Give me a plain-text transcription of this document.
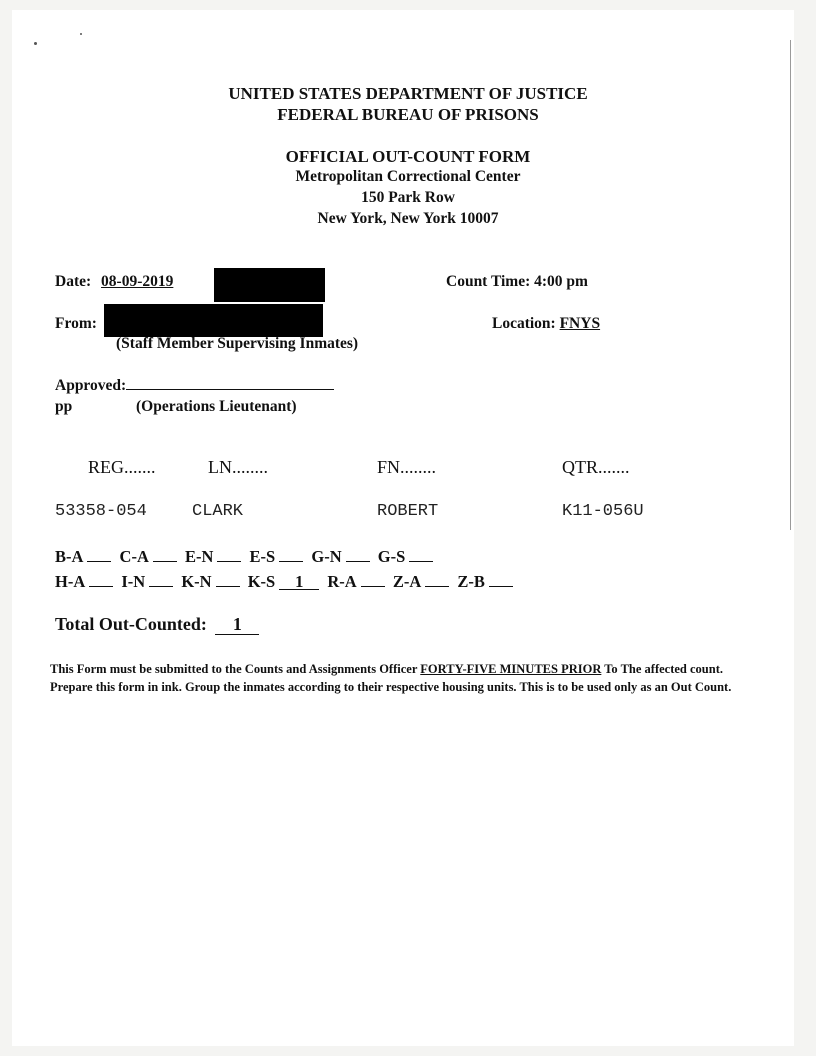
UNITED STATES DEPARTMENT OF JUSTICE
FEDERAL BUREAU OF PRISONS
OFFICIAL OUT-COUNT FORM
Metropolitan Correctional Center
150 Park Row
New York, New York 10007
Date: 08-09-2019	Count Time: 4:00 pm
From:
(Staff Member Supervising Inmates)
Location: FNYS
Approved:
pp	(Operations Lieutenant)
REG.......	LN........	FN........	QTR.......
53358-054	CLARK	ROBERT	K11-056U
B-A C-A E-N E-S G-N G-S
H-A I-N K-N K-S 1 R-A Z-A Z-B
Total Out-Counted: 1
This Form must be submitted to the Counts and Assignments Officer FORTY-FIVE MINUTES PRIOR To The affected count. Prepare this form in ink. Group the inmates according to their respective housing units. This is to be used only as an Out Count.
